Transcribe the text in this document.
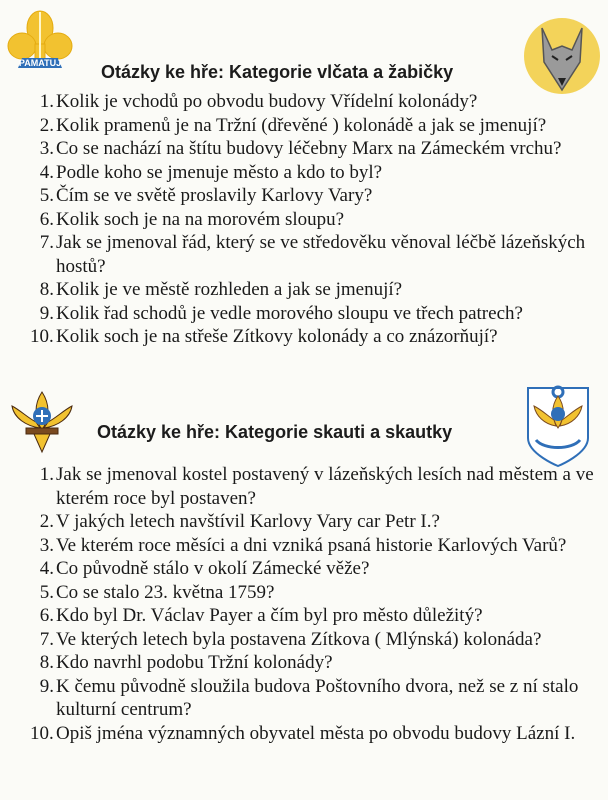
PAMATUJ Otázky ke hře: Kategorie vlčata a žabičky
1. Kolik je vchodů po obvodu budovy Vřídelní kolonády?
2. Kolik pramenů je na Tržní (dřevěné ) kolonádě a jak se jmenují?
3. Co se nachází na štítu budovy léčebny Marx na Zámeckém vrchu?
4. Podle koho se jmenuje město a kdo to byl?
5. Čím se ve světě proslavily Karlovy Vary?
6. Kolik soch je na na morovém sloupu?
7. Jak se jmenoval řád, který se ve středověku věnoval léčbě lázeňských hostů?
8. Kolik je ve městě rozhleden a jak se jmenují?
9. Kolik řad schodů je vedle morového sloupu ve třech patrech?
10. Kolik soch je na střeše Zítkovy kolonády a co znázorňují?
Otázky ke hře: Kategorie skauti a skautky
1. Jak se jmenoval kostel postavený v lázeňských lesích nad městem a ve kterém roce byl postaven?
2. V jakých letech navštívil Karlovy Vary car Petr I.?
3. Ve kterém roce měsíci a dni vzniká psaná historie Karlových Varů?
4. Co původně stálo v okolí Zámecké věže?
5. Co se stalo 23. května 1759?
6. Kdo byl Dr. Václav Payer a čím byl pro město důležitý?
7. Ve kterých letech byla postavena Zítkova ( Mlýnská) kolonáda?
8. Kdo navrhl podobu Tržní kolonády?
9. K čemu původně sloužila budova Poštovního dvora, než se z ní stalo kulturní centrum?
10. Opiš jména významných obyvatel města po obvodu budovy Lázní I.
